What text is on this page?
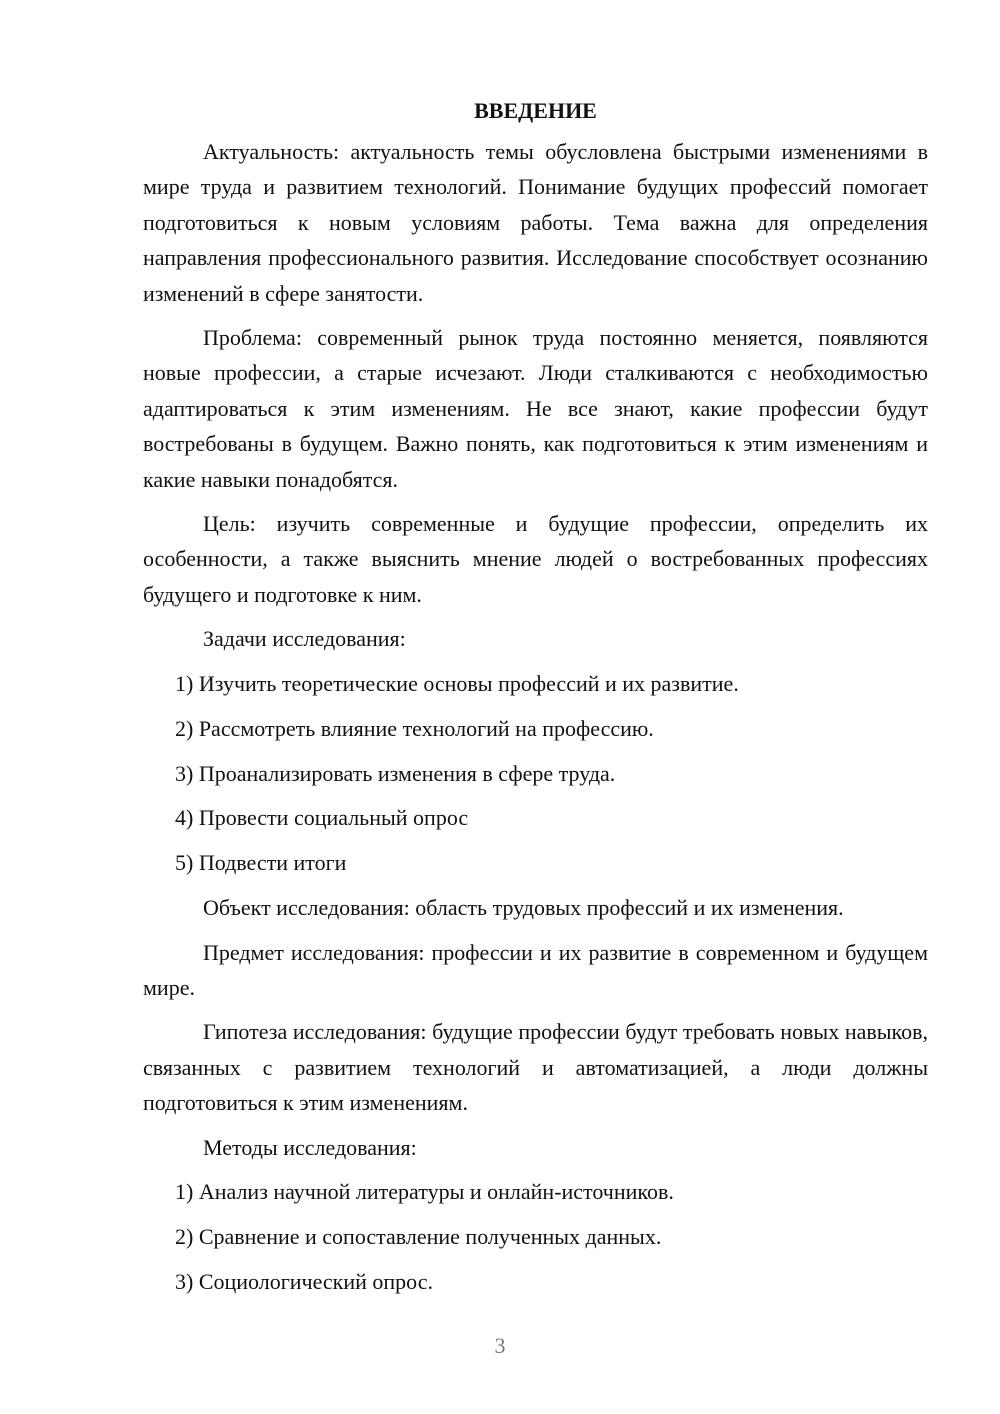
ВВЕДЕНИЕ

Актуальность: актуальность темы обусловлена быстрыми изменениями в мире труда и развитием технологий. Понимание будущих профессий помогает подготовиться к новым условиям работы. Тема важна для определения направления профессионального развития. Исследование способствует осознанию изменений в сфере занятости.

Проблема: современный рынок труда постоянно меняется, появляются новые профессии, а старые исчезают. Люди сталкиваются с необходимостью адаптироваться к этим изменениям. Не все знают, какие профессии будут востребованы в будущем. Важно понять, как подготовиться к этим изменениям и какие навыки понадобятся.

Цель: изучить современные и будущие профессии, определить их особенности, а также выяснить мнение людей о востребованных профессиях будущего и подготовке к ним.

Задачи исследования:

1) Изучить теоретические основы профессий и их развитие.
2) Рассмотреть влияние технологий на профессию.
3) Проанализировать изменения в сфере труда.
4) Провести социальный опрос
5) Подвести итоги

Объект исследования: область трудовых профессий и их изменения.

Предмет исследования: профессии и их развитие в современном и будущем мире.

Гипотеза исследования: будущие профессии будут требовать новых навыков, связанных с развитием технологий и автоматизацией, а люди должны подготовиться к этим изменениям.

Методы исследования:

1) Анализ научной литературы и онлайн-источников.
2) Сравнение и сопоставление полученных данных.
3) Социологический опрос.
3
